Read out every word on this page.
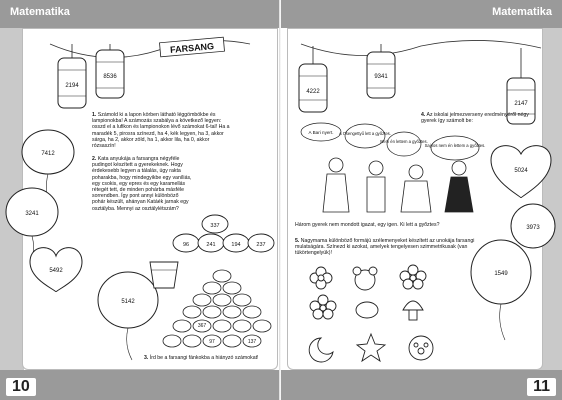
Matematika
FARSANG
2194
8536
7412
3241
5492
5142
337
96	241	194	237
367
97	137
1. Számold ki a lapon körben látható léggömbökbe és lampionokba! A számozás szabálya a következő legyen: osszd el a lufikon és lampionokon lévő számokat 6-tal! Ha a maradék 5, pirosra színezd, ha 4, kék legyen, ha 3, akkor sárga, ha 2, akkor zöld, ha 1, akkor lila, ha 0, akkor rózsaszín!
2. Kata anyukája a farsangra négyféle pudingot készített a gyerekeknek. Hogy érdekesebb legyen a tálalás, úgy rakta poharakba, hogy mindegyikbe egy vaníliás, egy csokis, egy epres és egy karamellás rétegét tett, de minden pohárba másféle sorrendben. Így pont annyi különböző pohár készült, ahányan Katáék jarnak egy osztályba. Mennyi az osztálylétszám?
3. Írd be a farsangi fánkokba a hiányzó számokat!
10
Matematika
4222
9341
2147
A Bari nyert. A Csengettyű lett a győztes.
Nem én lettem a győztes.
Sajnos nem én lettem a győztes.
5024
3973
1549
4. Az iskolai jelmezverseny eredményéről négy gyerek így számolt be:
Három gyerek nem mondott igazat, egy igen. Ki lett a győztes?
5. Nagymama különböző formájú szélemenyeket készített az unokája farsangi mulatságára. Színezd ki azokat, amelyek tengelyesen szimmetrikusak (van tükörtengelyük)!
11
